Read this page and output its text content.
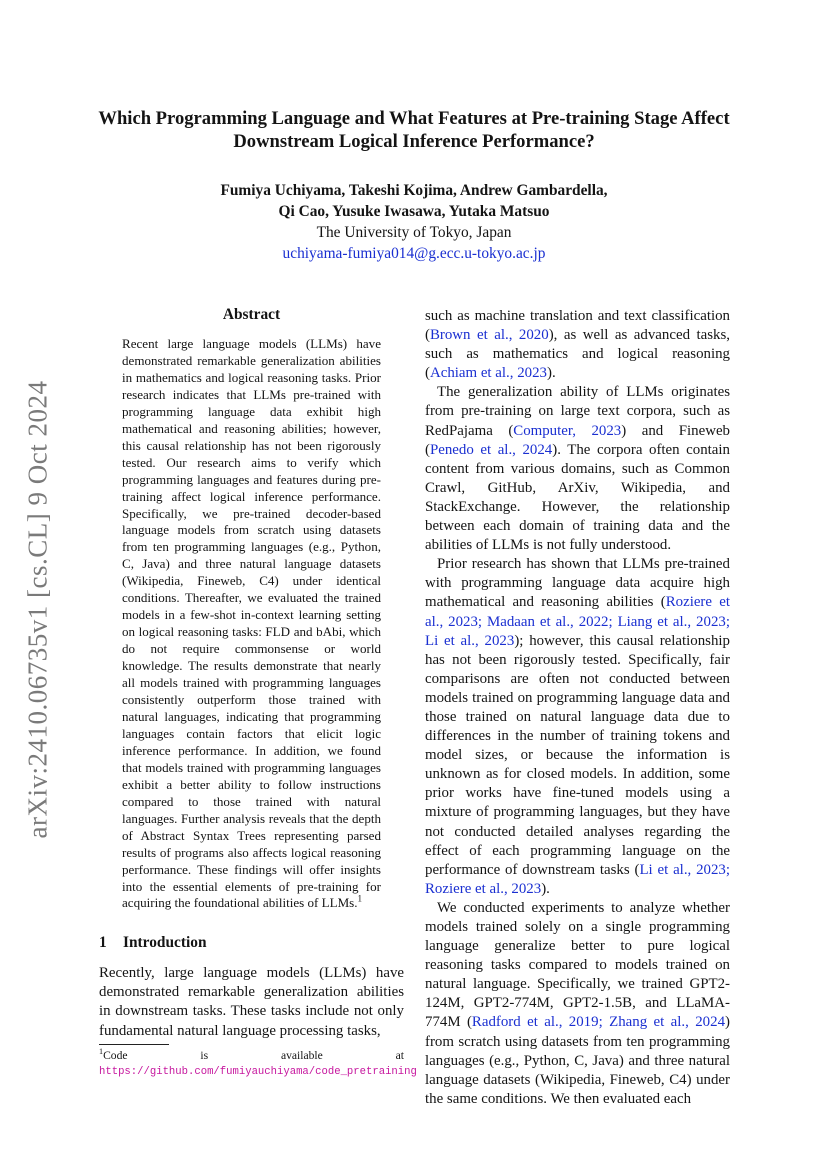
arXiv:2410.06735v1 [cs.CL] 9 Oct 2024
Which Programming Language and What Features at Pre-training Stage Affect Downstream Logical Inference Performance?
Fumiya Uchiyama, Takeshi Kojima, Andrew Gambardella,
Qi Cao, Yusuke Iwasawa, Yutaka Matsuo
The University of Tokyo, Japan
uchiyama-fumiya014@g.ecc.u-tokyo.ac.jp
Abstract
Recent large language models (LLMs) have demonstrated remarkable generalization abilities in mathematics and logical reasoning tasks. Prior research indicates that LLMs pre-trained with programming language data exhibit high mathematical and reasoning abilities; however, this causal relationship has not been rigorously tested. Our research aims to verify which programming languages and features during pre-training affect logical inference performance. Specifically, we pre-trained decoder-based language models from scratch using datasets from ten programming languages (e.g., Python, C, Java) and three natural language datasets (Wikipedia, Fineweb, C4) under identical conditions. Thereafter, we evaluated the trained models in a few-shot in-context learning setting on logical reasoning tasks: FLD and bAbi, which do not require commonsense or world knowledge. The results demonstrate that nearly all models trained with programming languages consistently outperform those trained with natural languages, indicating that programming languages contain factors that elicit logic inference performance. In addition, we found that models trained with programming languages exhibit a better ability to follow instructions compared to those trained with natural languages. Further analysis reveals that the depth of Abstract Syntax Trees representing parsed results of programs also affects logical reasoning performance. These findings will offer insights into the essential elements of pre-training for acquiring the foundational abilities of LLMs.$^1$
1 Introduction
Recently, large language models (LLMs) have demonstrated remarkable generalization abilities in downstream tasks. These tasks include not only fundamental natural language processing tasks,
$^1$Code is available at https://github.com/fumiyauchiyama/code_pretraining

such as machine translation and text classification (Brown et al., 2020), as well as advanced tasks, such as mathematics and logical reasoning (Achiam et al., 2023).

The generalization ability of LLMs originates from pre-training on large text corpora, such as RedPajama (Computer, 2023) and Fineweb (Penedo et al., 2024). The corpora often contain content from various domains, such as Common Crawl, GitHub, ArXiv, Wikipedia, and StackExchange. However, the relationship between each domain of training data and the abilities of LLMs is not fully understood.

Prior research has shown that LLMs pre-trained with programming language data acquire high mathematical and reasoning abilities (Roziere et al., 2023; Madaan et al., 2022; Liang et al., 2023; Li et al., 2023); however, this causal relationship has not been rigorously tested. Specifically, fair comparisons are often not conducted between models trained on programming language data and those trained on natural language data due to differences in the number of training tokens and model sizes, or because the information is unknown as for closed models. In addition, some prior works have fine-tuned models using a mixture of programming languages, but they have not conducted detailed analyses regarding the effect of each programming language on the performance of downstream tasks (Li et al., 2023; Roziere et al., 2023).

We conducted experiments to analyze whether models trained solely on a single programming language generalize better to pure logical reasoning tasks compared to models trained on natural language. Specifically, we trained GPT2-124M, GPT2-774M, GPT2-1.5B, and LLaMA-774M (Radford et al., 2019; Zhang et al., 2024) from scratch using datasets from ten programming languages (e.g., Python, C, Java) and three natural language datasets (Wikipedia, Fineweb, C4) under the same conditions. We then evaluated each
